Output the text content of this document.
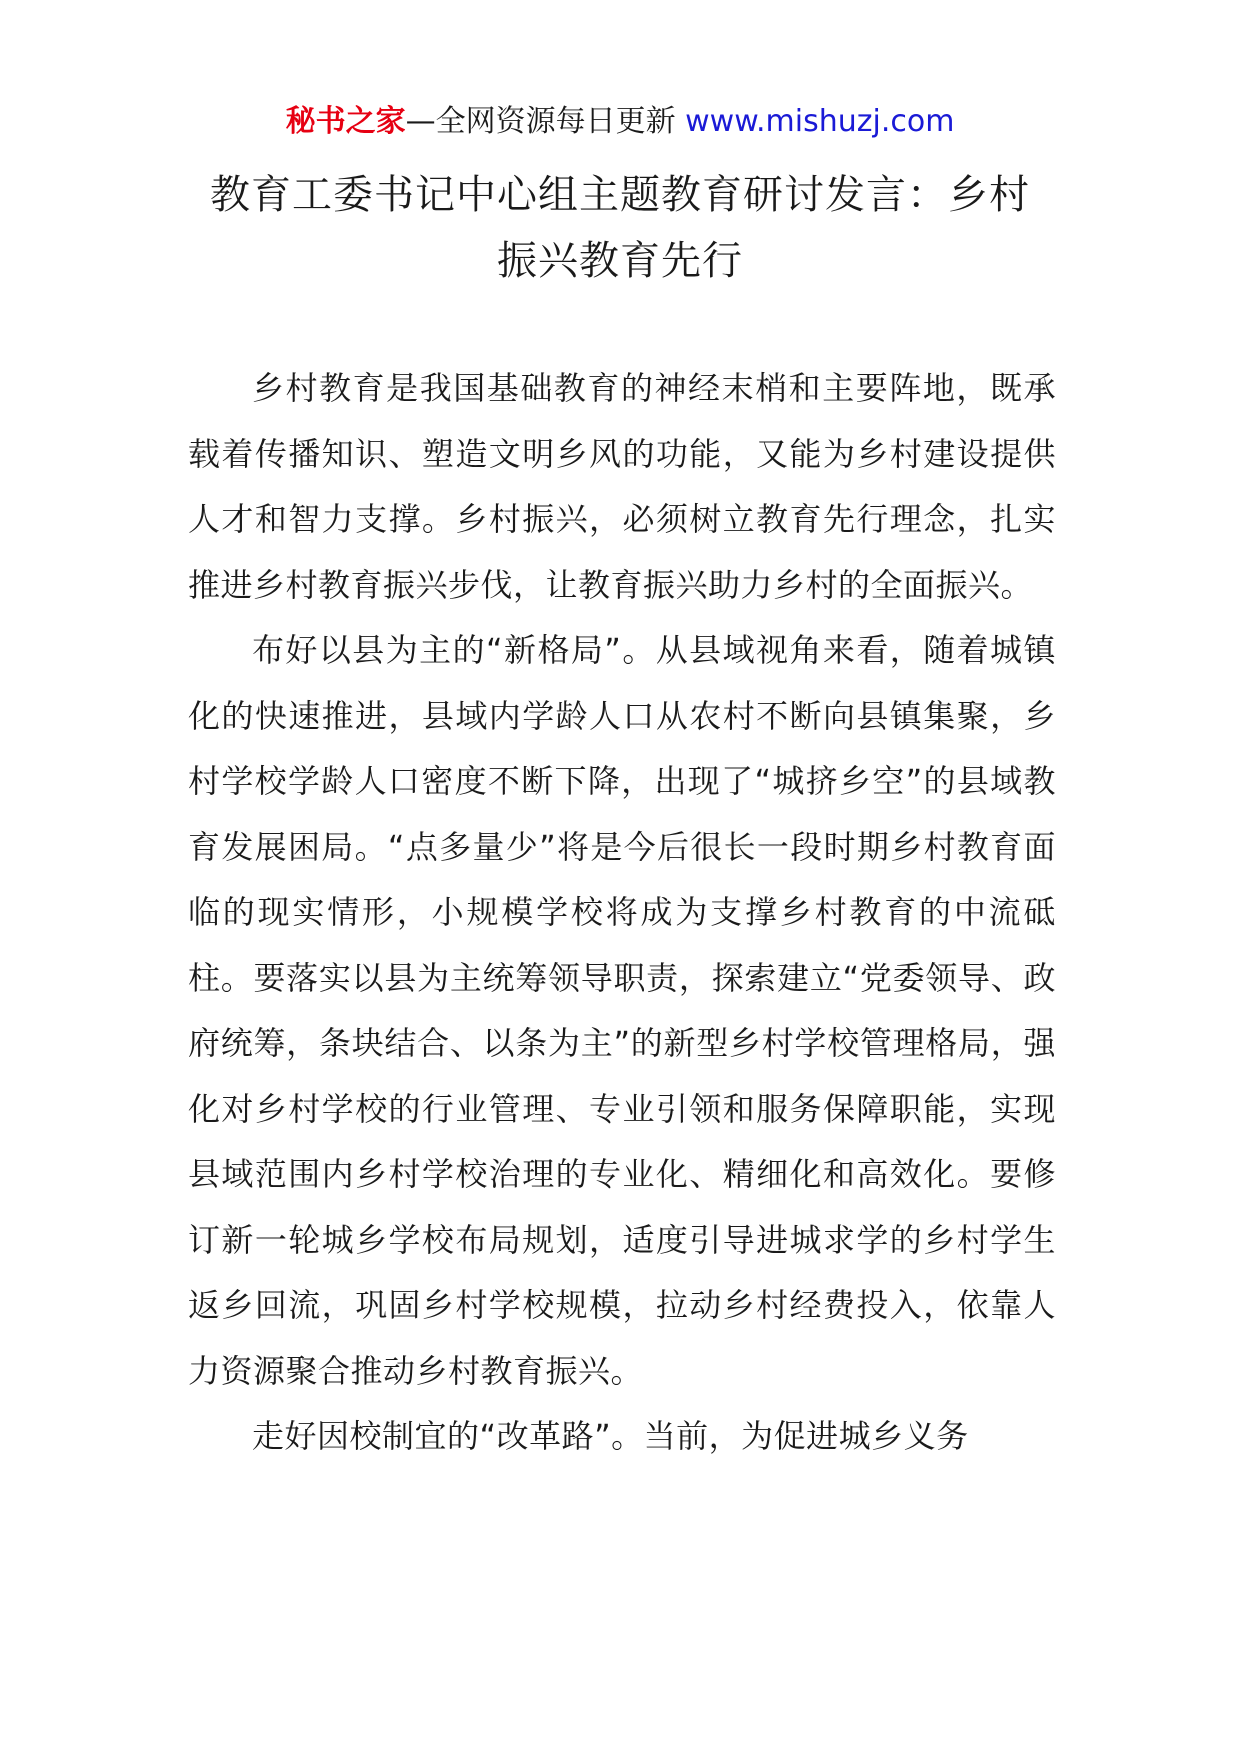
秘书之家—全网资源每日更新 www.mishuzj.com
教育工委书记中心组主题教育研讨发言：乡村
振兴教育先行

乡村教育是我国基础教育的神经末梢和主要阵地，既承载着传播知识、塑造文明乡风的功能，又能为乡村建设提供人才和智力支撑。乡村振兴，必须树立教育先行理念，扎实推进乡村教育振兴步伐，让教育振兴助力乡村的全面振兴。

布好以县为主的“新格局”。从县域视角来看，随着城镇化的快速推进，县域内学龄人口从农村不断向县镇集聚，乡村学校学龄人口密度不断下降，出现了“城挤乡空”的县域教育发展困局。“点多量少”将是今后很长一段时期乡村教育面临的现实情形，小规模学校将成为支撑乡村教育的中流砥柱。要落实以县为主统筹领导职责，探索建立“党委领导、政府统筹，条块结合、以条为主”的新型乡村学校管理格局，强化对乡村学校的行业管理、专业引领和服务保障职能，实现县域范围内乡村学校治理的专业化、精细化和高效化。要修订新一轮城乡学校布局规划，适度引导进城求学的乡村学生返乡回流，巩固乡村学校规模，拉动乡村经费投入，依靠人力资源聚合推动乡村教育振兴。

走好因校制宜的“改革路”。当前，为促进城乡义务
